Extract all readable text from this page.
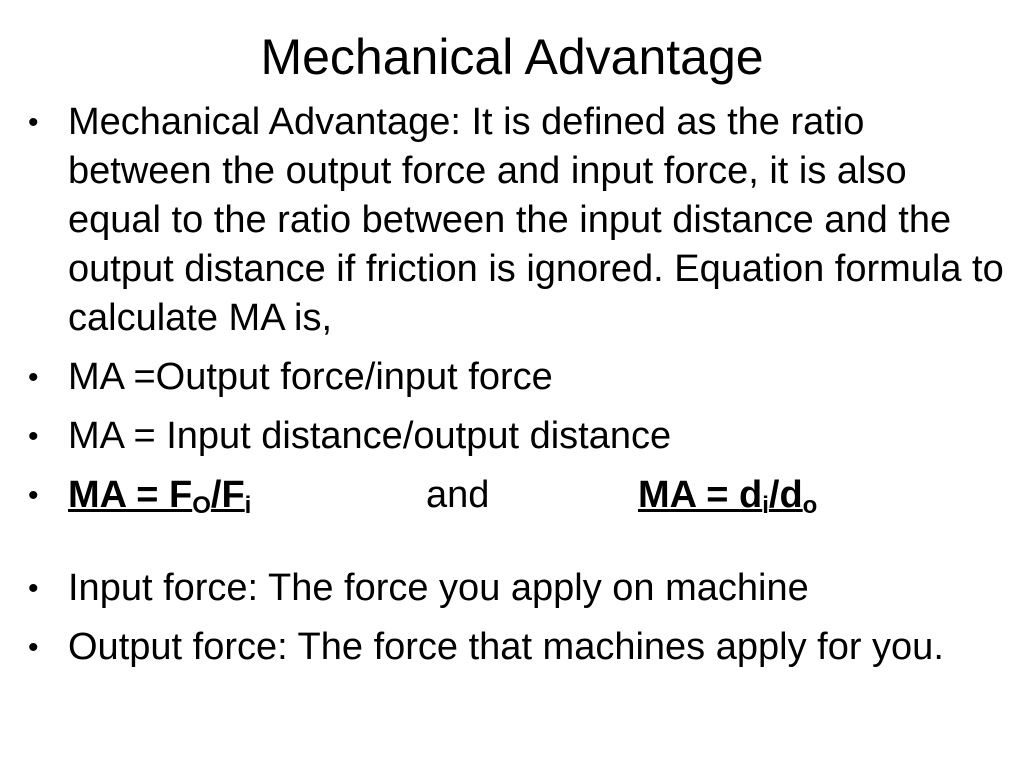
Mechanical Advantage
• Mechanical Advantage: It is defined as the ratio between the output force and input force, it is also equal to the ratio between the input distance and the output distance if friction is ignored. Equation formula to calculate MA is,
• MA =Output force/input force
• MA = Input distance/output distance
• MA = $F_O/F_i$	and	MA = $d_i/d_o$
• Input force: The force you apply on machine
• Output force: The force that machines apply for you.
